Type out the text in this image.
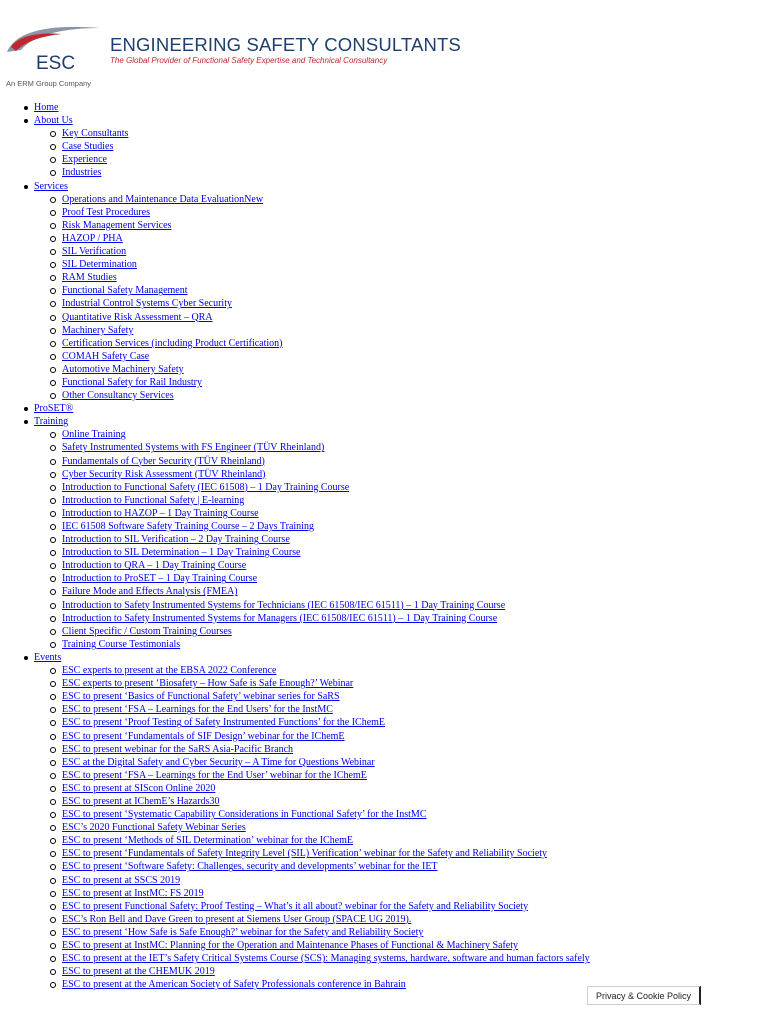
ESC
ENGINEERING SAFETY CONSULTANTS
The Global Provider of Functional Safety Expertise and Technical Consultancy
An ERM Group Company
Home
About Us
Key Consultants
Case Studies
Experience
Industries
Services
Operations and Maintenance Data EvaluationNew
Proof Test Procedures
Risk Management Services
HAZOP / PHA
SIL Verification
SIL Determination
RAM Studies
Functional Safety Management
Industrial Control Systems Cyber Security
Quantitative Risk Assessment – QRA
Machinery Safety
Certification Services (including Product Certification)
COMAH Safety Case
Automotive Machinery Safety
Functional Safety for Rail Industry
Other Consultancy Services
ProSET®
Training
Online Training
Safety Instrumented Systems with FS Engineer (TÜV Rheinland)
Fundamentals of Cyber Security (TÜV Rheinland)
Cyber Security Risk Assessment (TÜV Rheinland)
Introduction to Functional Safety (IEC 61508) – 1 Day Training Course
Introduction to Functional Safety | E-learning
Introduction to HAZOP – 1 Day Training Course
IEC 61508 Software Safety Training Course – 2 Days Training
Introduction to SIL Verification – 2 Day Training Course
Introduction to SIL Determination – 1 Day Training Course
Introduction to QRA – 1 Day Training Course
Introduction to ProSET – 1 Day Training Course
Failure Mode and Effects Analysis (FMEA)
Introduction to Safety Instrumented Systems for Technicians (IEC 61508/IEC 61511) – 1 Day Training Course
Introduction to Safety Instrumented Systems for Managers (IEC 61508/IEC 61511) – 1 Day Training Course
Client Specific / Custom Training Courses
Training Course Testimonials
Events
ESC experts to present at the EBSA 2022 Conference
ESC experts to present ‘Biosafety – How Safe is Safe Enough?’ Webinar
ESC to present ‘Basics of Functional Safety’ webinar series for SaRS
ESC to present ‘FSA – Learnings for the End Users’ for the InstMC
ESC to present ‘Proof Testing of Safety Instrumented Functions’ for the IChemE
ESC to present ‘Fundamentals of SIF Design’ webinar for the IChemE
ESC to present webinar for the SaRS Asia-Pacific Branch
ESC at the Digital Safety and Cyber Security – A Time for Questions Webinar
ESC to present ‘FSA – Learnings for the End User’ webinar for the IChemE
ESC to present at SIScon Online 2020
ESC to present at IChemE’s Hazards30
ESC to present ‘Systematic Capability Considerations in Functional Safety’ for the InstMC
ESC’s 2020 Functional Safety Webinar Series
ESC to present ‘Methods of SIL Determination’ webinar for the IChemE
ESC to present ‘Fundamentals of Safety Integrity Level (SIL) Verification’ webinar for the Safety and Reliability Society
ESC to present ‘Software Safety: Challenges, security and developments’ webinar for the IET
ESC to present at SSCS 2019
ESC to present at InstMC: FS 2019
ESC to present Functional Safety: Proof Testing – What’s it all about? webinar for the Safety and Reliability Society
ESC’s Ron Bell and Dave Green to present at Siemens User Group (SPACE UG 2019).
ESC to present ‘How Safe is Safe Enough?’ webinar for the Safety and Reliability Society
ESC to present at InstMC: Planning for the Operation and Maintenance Phases of Functional & Machinery Safety
ESC to present at the IET’s Safety Critical Systems Course (SCS): Managing systems, hardware, software and human factors safely
ESC to present at the CHEMUK 2019
ESC to present at the American Society of Safety Professionals conference in Bahrain
Privacy & Cookie Policy
